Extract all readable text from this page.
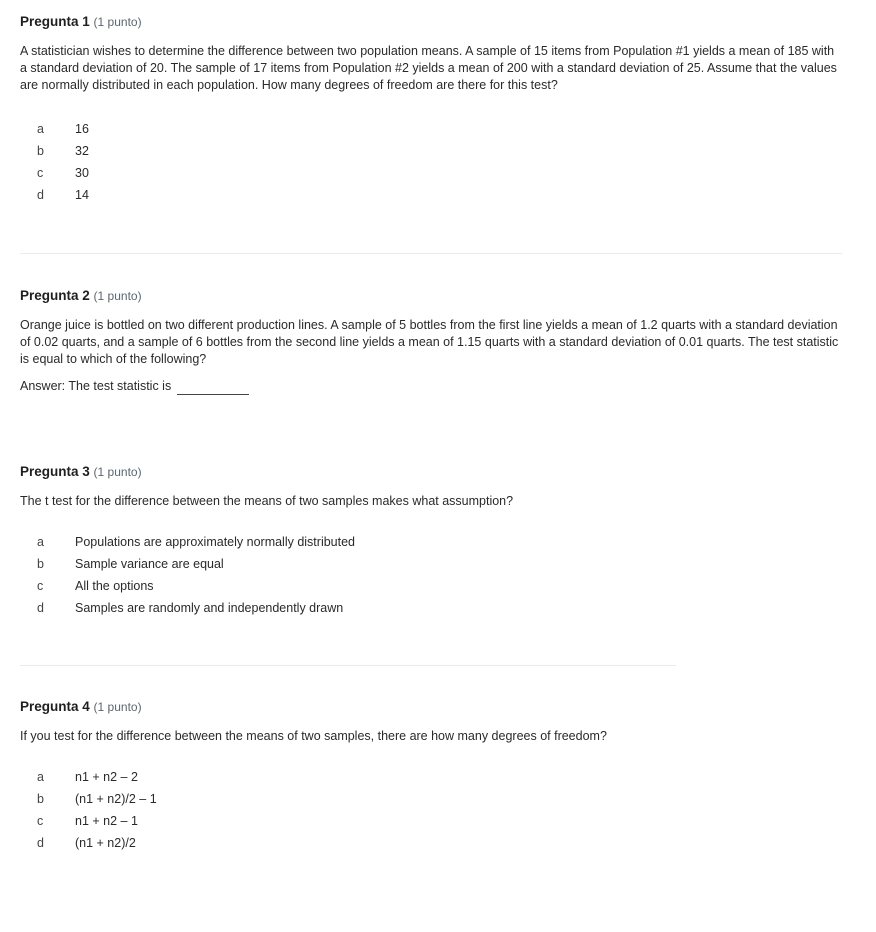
Pregunta 1 (1 punto)
A statistician wishes to determine the difference between two population means. A sample of 15 items from Population #1 yields a mean of 185 with a standard deviation of 20. The sample of 17 items from Population #2 yields a mean of 200 with a standard deviation of 25. Assume that the values are normally distributed in each population. How many degrees of freedom are there for this test?
a	16
b	32
c	30
d	14
Pregunta 2 (1 punto)
Orange juice is bottled on two different production lines. A sample of 5 bottles from the first line yields a mean of 1.2 quarts with a standard deviation of 0.02 quarts, and a sample of 6 bottles from the second line yields a mean of 1.15 quarts with a standard deviation of 0.01 quarts. The test statistic is equal to which of the following?
Answer: The test statistic is
Pregunta 3 (1 punto)
The t test for the difference between the means of two samples makes what assumption?
a	Populations are approximately normally distributed
b	Sample variance are equal
c	All the options
d	Samples are randomly and independently drawn
Pregunta 4 (1 punto)
If you test for the difference between the means of two samples, there are how many degrees of freedom?
a	n1 + n2 – 2
b	(n1 + n2)/2 – 1
c	n1 + n2 – 1
d	(n1 + n2)/2
